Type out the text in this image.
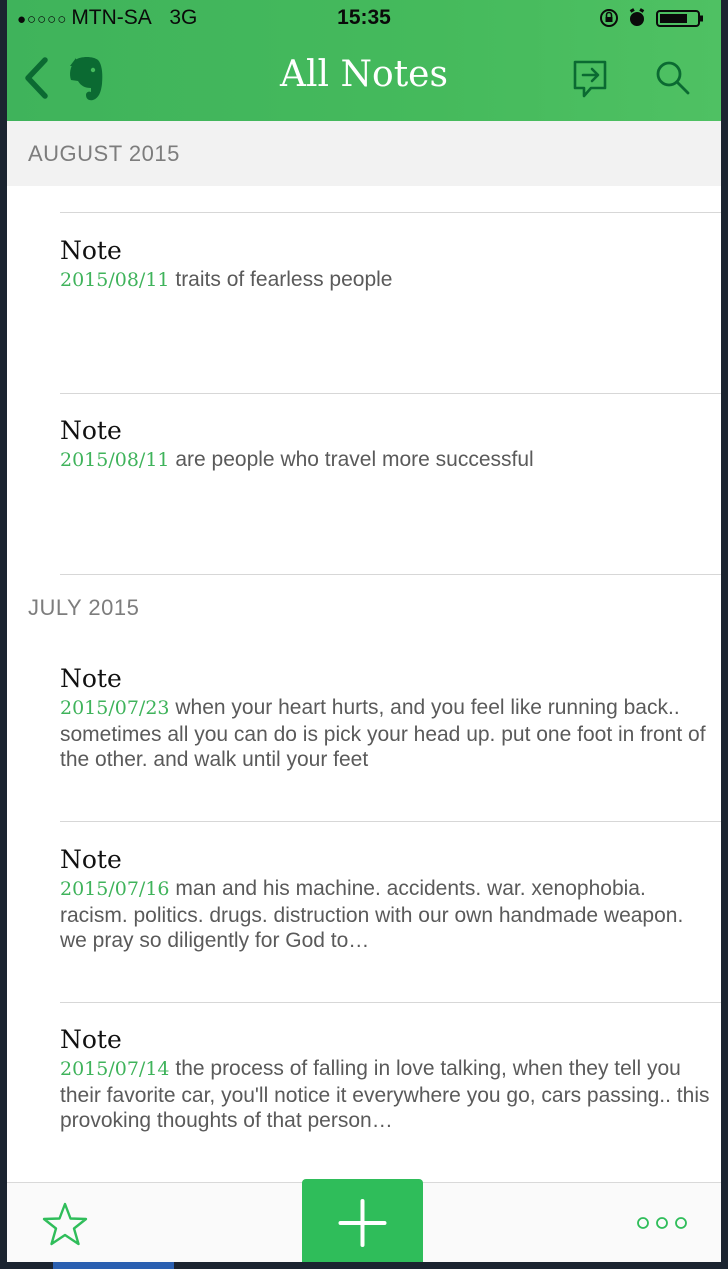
●○○○○ MTN-SA 3G	15:35
All Notes
AUGUST 2015
Note
2015/08/11 traits of fearless people
Note
2015/08/11 are people who travel more successful
JULY 2015
Note
2015/07/23 when your heart hurts, and you feel like running back.. sometimes all you can do is pick your head up. put one foot in front of the other. and walk until your feet
Note
2015/07/16 man and his machine. accidents. war. xenophobia. racism. politics. drugs. distruction with our own handmade weapon. we pray so diligently for God to…
Note
2015/07/14 the process of falling in love talking, when they tell you their favorite car, you'll notice it everywhere you go, cars passing.. this provoking thoughts of that person…
